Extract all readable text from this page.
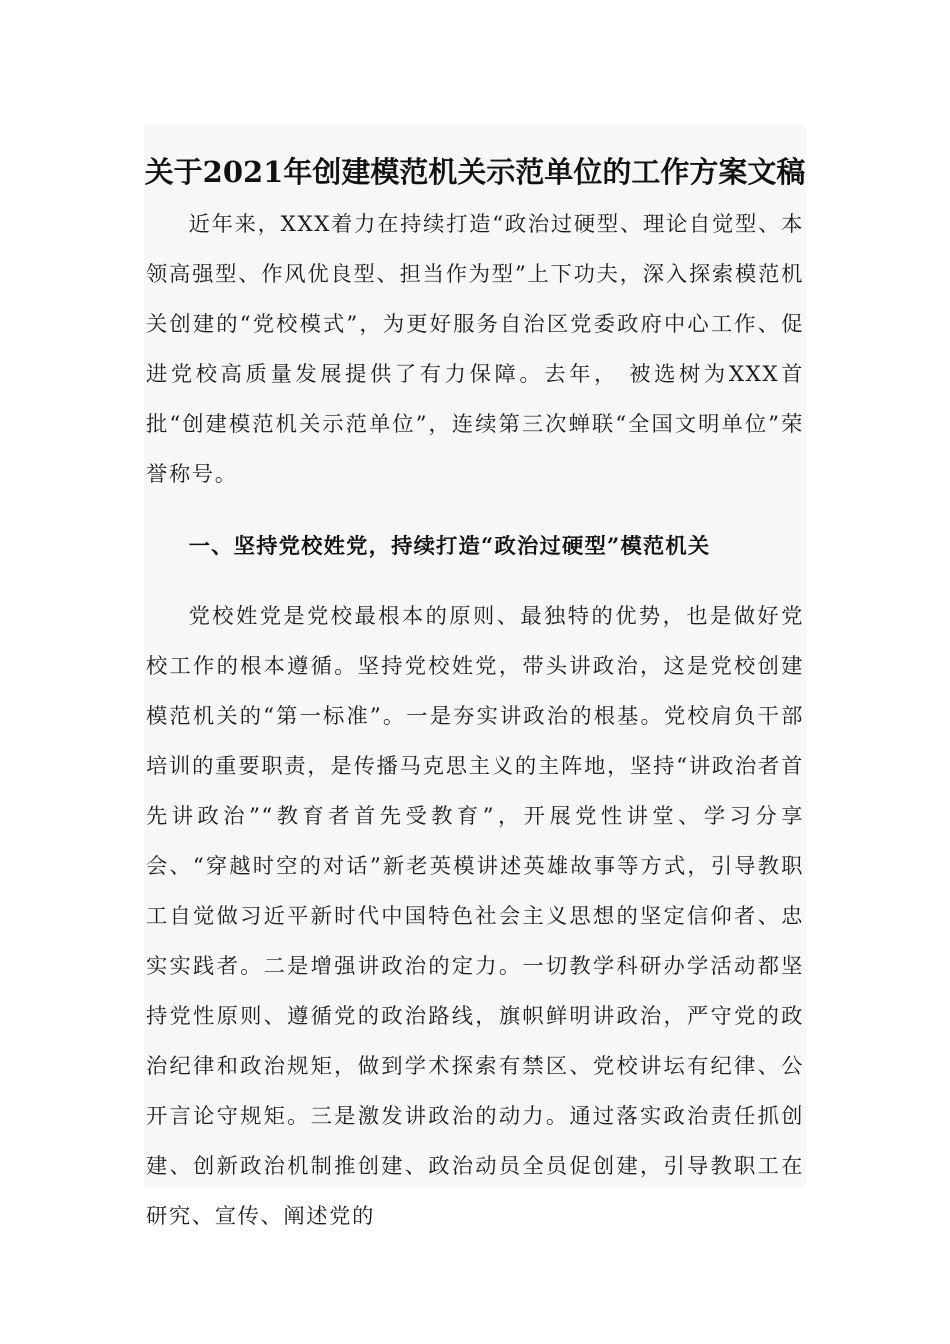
关于2021年创建模范机关示范单位的工作方案文稿

近年来，XXX着力在持续打造“政治过硬型、理论自觉型、本领高强型、作风优良型、担当作为型”上下功夫，深入探索模范机关创建的“党校模式”，为更好服务自治区党委政府中心工作、促进党校高质量发展提供了有力保障。去年， 被选树为XXX首批“创建模范机关示范单位”，连续第三次蝉联“全国文明单位”荣誉称号。

一、坚持党校姓党，持续打造“政治过硬型”模范机关

党校姓党是党校最根本的原则、最独特的优势，也是做好党校工作的根本遵循。坚持党校姓党，带头讲政治，这是党校创建模范机关的“第一标准”。一是夯实讲政治的根基。党校肩负干部培训的重要职责，是传播马克思主义的主阵地，坚持“讲政治者首先讲政治”“教育者首先受教育”，开展党性讲堂、学习分享会、“穿越时空的对话”新老英模讲述英雄故事等方式，引导教职工自觉做习近平新时代中国特色社会主义思想的坚定信仰者、忠实实践者。二是增强讲政治的定力。一切教学科研办学活动都坚持党性原则、遵循党的政治路线，旗帜鲜明讲政治，严守党的政治纪律和政治规矩，做到学术探索有禁区、党校讲坛有纪律、公开言论守规矩。三是激发讲政治的动力。通过落实政治责任抓创建、创新政治机制推创建、政治动员全员促创建，引导教职工在研究、宣传、阐述党的
